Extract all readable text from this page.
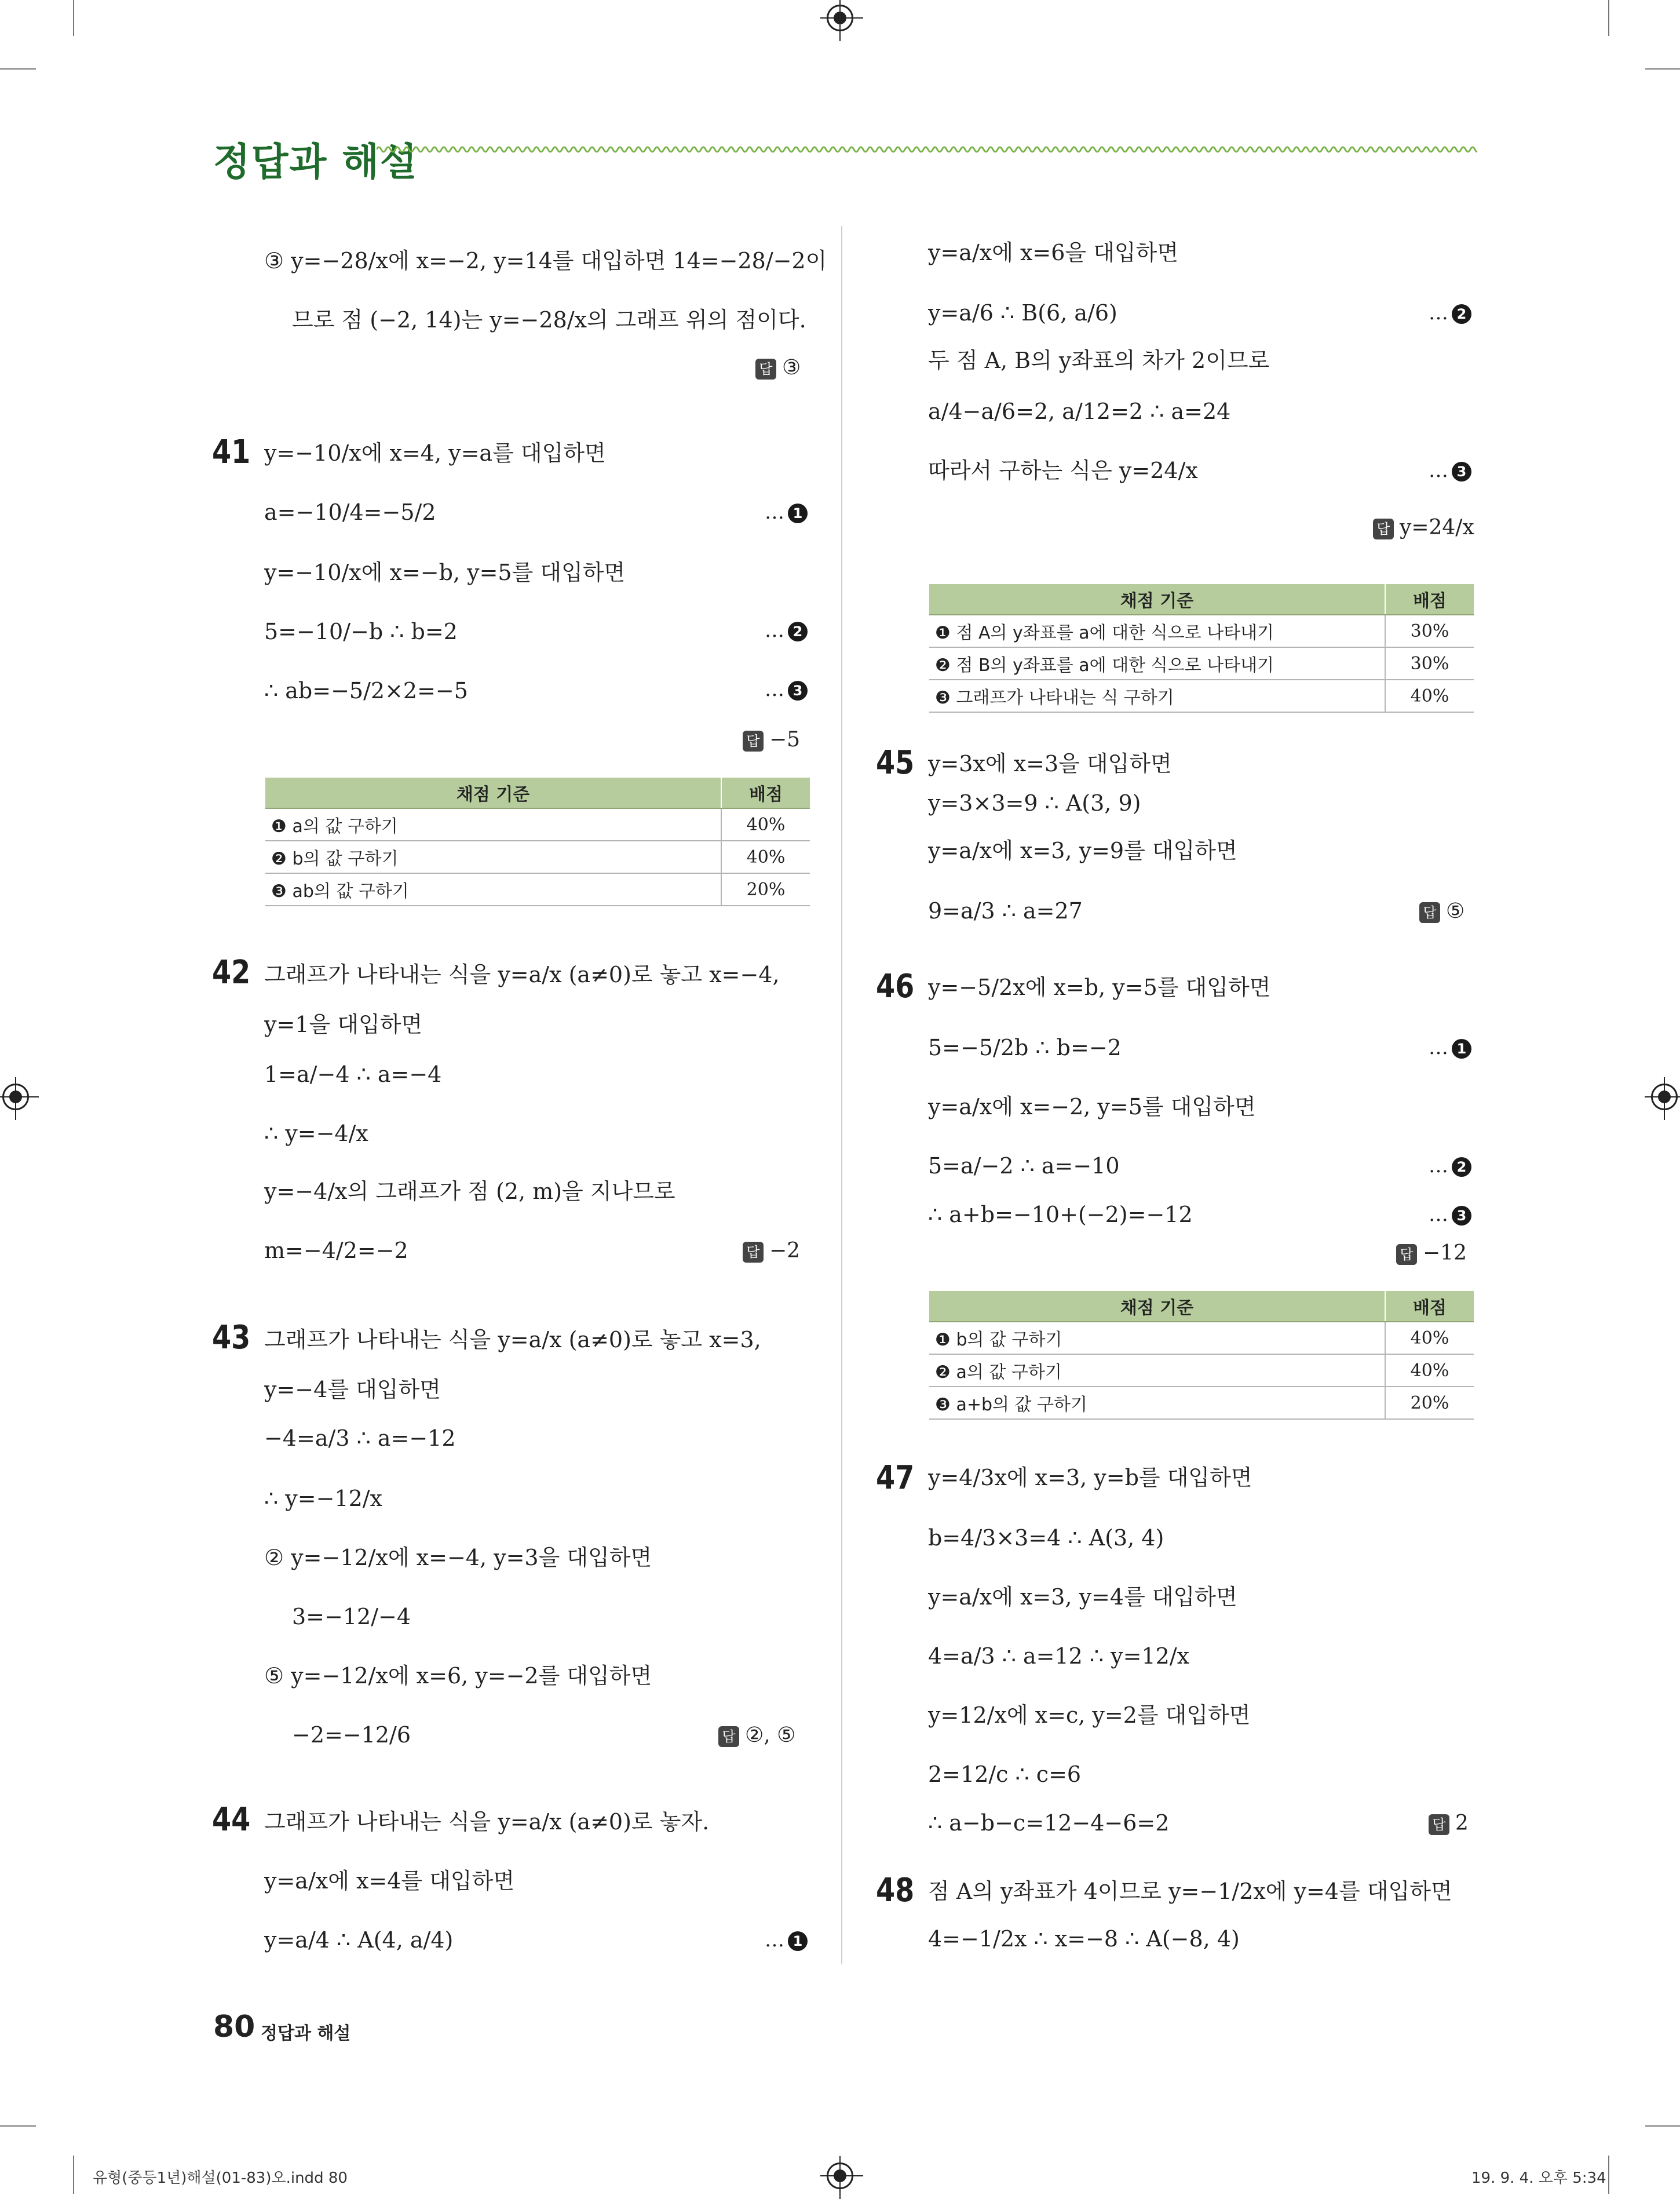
정답과 해설
③ y=−28/x에 x=−2, y=14를 대입하면 14=−28/−2이
므로 점 (−2, 14)는 y=−28/x의 그래프 위의 점이다.
답 ③
41 y=−10/x에 x=4, y=a를 대입하면
a=−10/4=−5/2	… 1
y=−10/x에 x=−b, y=5를 대입하면
5=−10/−b ∴ b=2	… 2
∴ ab=−5/2×2=−5	… 3
답 −5
채점 기준	배점
❶ a의 값 구하기	40%
❷ b의 값 구하기	40%
❸ ab의 값 구하기	20%
42 그래프가 나타내는 식을 y=a/x (a≠0)로 놓고 x=−4,
y=1을 대입하면
1=a/−4 ∴ a=−4
∴ y=−4/x
y=−4/x의 그래프가 점 (2, m)을 지나므로
m=−4/2=−2	답 −2
43 그래프가 나타내는 식을 y=a/x (a≠0)로 놓고 x=3,
y=−4를 대입하면
−4=a/3 ∴ a=−12
∴ y=−12/x
② y=−12/x에 x=−4, y=3을 대입하면
3=−12/−4
⑤ y=−12/x에 x=6, y=−2를 대입하면
−2=−12/6	답 ②, ⑤
44 그래프가 나타내는 식을 y=a/x (a≠0)로 놓자.
y=a/x에 x=4를 대입하면
y=a/4 ∴ A(4, a/4)	… 1
y=a/x에 x=6을 대입하면
y=a/6 ∴ B(6, a/6)	… 2
두 점 A, B의 y좌표의 차가 2이므로
a/4−a/6=2, a/12=2 ∴ a=24
따라서 구하는 식은 y=24/x	… 3
답 y=24/x
채점 기준	배점
❶ 점 A의 y좌표를 a에 대한 식으로 나타내기	30%
❷ 점 B의 y좌표를 a에 대한 식으로 나타내기	30%
❸ 그래프가 나타내는 식 구하기	40%
45 y=3x에 x=3을 대입하면
y=3×3=9 ∴ A(3, 9)
y=a/x에 x=3, y=9를 대입하면
9=a/3 ∴ a=27	답 ⑤
46 y=−5/2x에 x=b, y=5를 대입하면
5=−5/2b ∴ b=−2	… 1
y=a/x에 x=−2, y=5를 대입하면
5=a/−2 ∴ a=−10	… 2
∴ a+b=−10+(−2)=−12	… 3
답 −12
채점 기준	배점
❶ b의 값 구하기	40%
❷ a의 값 구하기	40%
❸ a+b의 값 구하기	20%
47 y=4/3x에 x=3, y=b를 대입하면
b=4/3×3=4 ∴ A(3, 4)
y=a/x에 x=3, y=4를 대입하면
4=a/3 ∴ a=12 ∴ y=12/x
y=12/x에 x=c, y=2를 대입하면
2=12/c ∴ c=6
∴ a−b−c=12−4−6=2	답 2
48 점 A의 y좌표가 4이므로 y=−1/2x에 y=4를 대입하면
4=−1/2x ∴ x=−8 ∴ A(−8, 4)
80 정답과 해설
유형(중등1년)해설(01-83)오.indd 80	19. 9. 4. 오후 5:34
